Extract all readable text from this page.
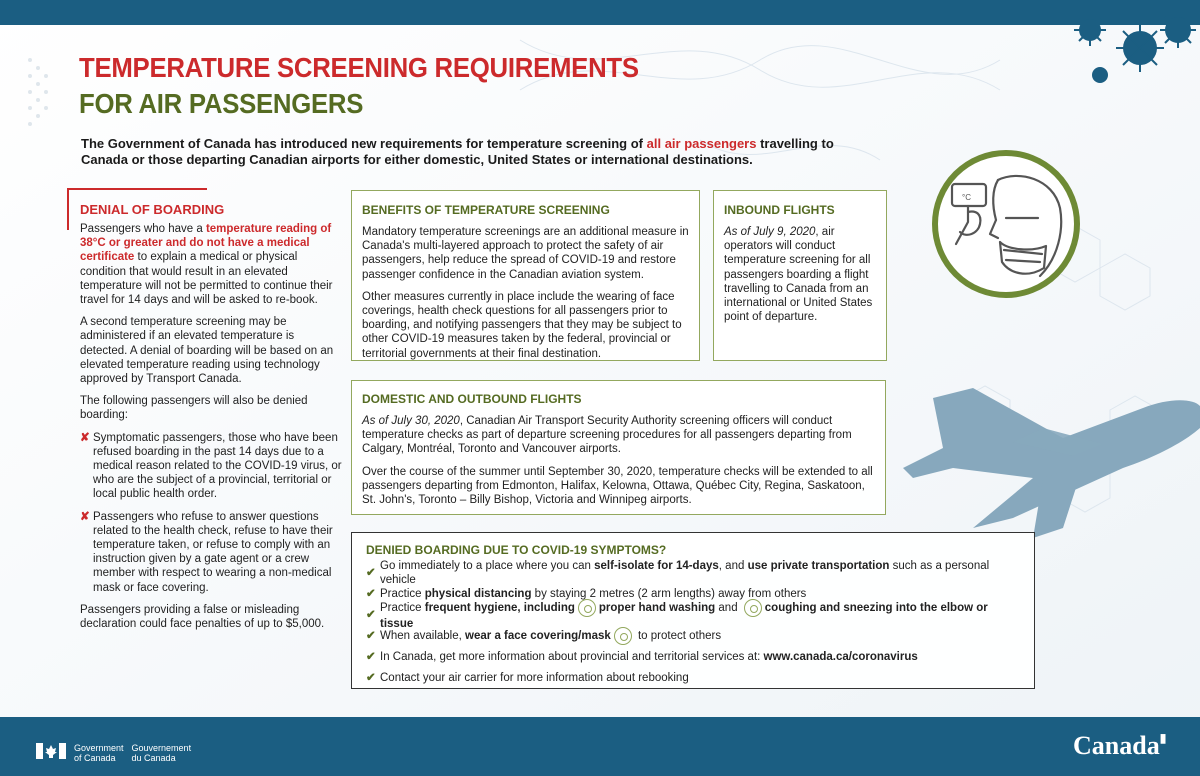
TEMPERATURE SCREENING REQUIREMENTS
FOR AIR PASSENGERS
The Government of Canada has introduced new requirements for temperature screening of all air passengers travelling to Canada or those departing Canadian airports for either domestic, United States or international destinations.
DENIAL OF BOARDING

Passengers who have a temperature reading of 38°C or greater and do not have a medical certificate to explain a medical or physical condition that would result in an elevated temperature will not be permitted to continue their travel for 14 days and will be asked to re-book.

A second temperature screening may be administered if an elevated temperature is detected. A denial of boarding will be based on an elevated temperature reading using technology approved by Transport Canada.

The following passengers will also be denied boarding:

✘ Symptomatic passengers, those who have been refused boarding in the past 14 days due to a medical reason related to the COVID-19 virus, or who are the subject of a provincial, territorial or local public health order.
✘ Passengers who refuse to answer questions related to the health check, refuse to have their temperature taken, or refuse to comply with an instruction given by a gate agent or a crew member with respect to wearing a non-medical mask or face covering.

Passengers providing a false or misleading declaration could face penalties of up to $5,000.

BENEFITS OF TEMPERATURE SCREENING

Mandatory temperature screenings are an additional measure in Canada's multi-layered approach to protect the safety of air passengers, help reduce the spread of COVID-19 and restore passenger confidence in the Canadian aviation system.

Other measures currently in place include the wearing of face coverings, health check questions for all passengers prior to boarding, and notifying passengers that they may be subject to other COVID-19 measures taken by the federal, provincial or territorial governments at their final destination.

INBOUND FLIGHTS

As of July 9, 2020, air operators will conduct temperature screening for all passengers boarding a flight travelling to Canada from an international or United States point of departure.

°C
DOMESTIC AND OUTBOUND FLIGHTS

As of July 30, 2020, Canadian Air Transport Security Authority screening officers will conduct temperature checks as part of departure screening procedures for all passengers departing from Calgary, Montréal, Toronto and Vancouver airports.

Over the course of the summer until September 30, 2020, temperature checks will be extended to all passengers departing from Edmonton, Halifax, Kelowna, Ottawa, Québec City, Regina, Saskatoon, St. John's, Toronto – Billy Bishop, Victoria and Winnipeg airports.

DENIED BOARDING DUE TO COVID-19 SYMPTOMS?
✔
Go immediately to a place where you can self-isolate for 14-days, and use private transportation such as a personal vehicle
✔ Practice physical distancing by staying 2 metres (2 arm lengths) away from others
✔
Practice frequent hygiene, including proper hand washing and coughing and sneezing into the elbow or tissue
✔ When available, wear a face covering/mask to protect others
✔ In Canada, get more information about provincial and territorial services at: www.canada.ca/coronavirus
✔ Contact your air carrier for more information about rebooking
Government
of Canada
Gouvernement
du Canada	Canada▮
